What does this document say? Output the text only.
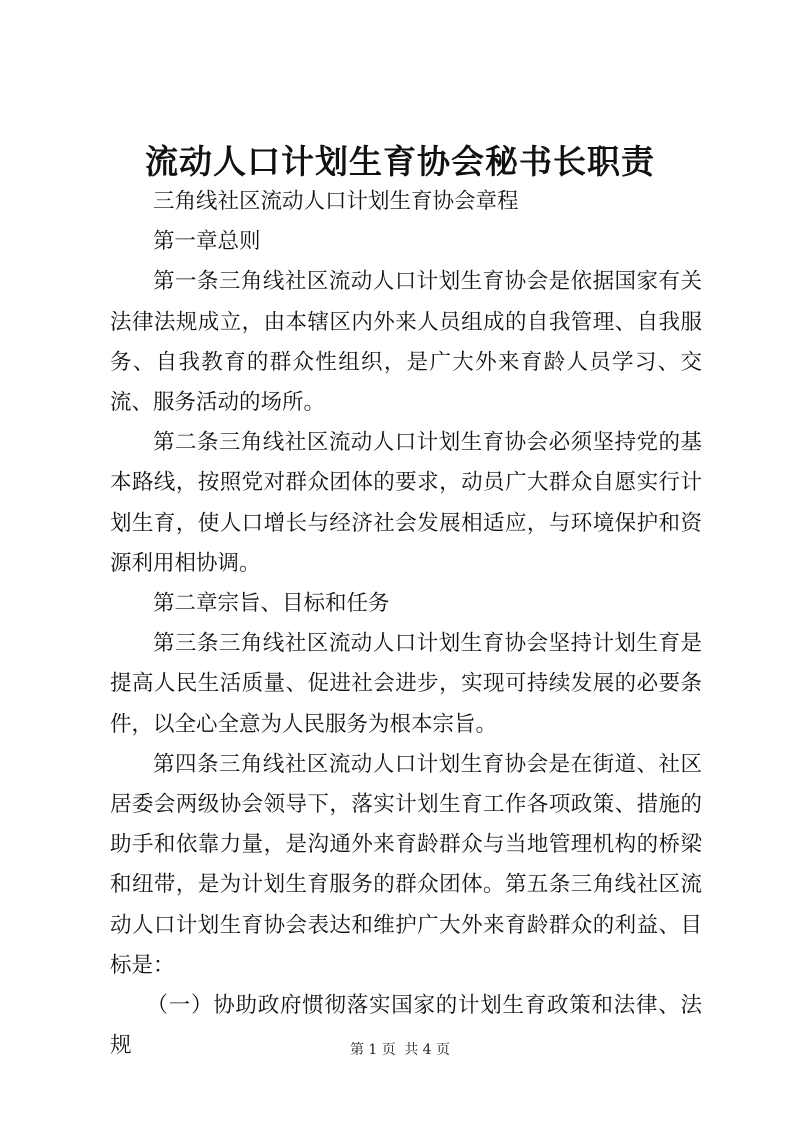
流动人口计划生育协会秘书长职责

三角线社区流动人口计划生育协会章程

第一章总则

第一条三角线社区流动人口计划生育协会是依据国家有关法律法规成立，由本辖区内外来人员组成的自我管理、自我服务、自我教育的群众性组织，是广大外来育龄人员学习、交流、服务活动的场所。

第二条三角线社区流动人口计划生育协会必须坚持党的基本路线，按照党对群众团体的要求，动员广大群众自愿实行计划生育，使人口增长与经济社会发展相适应，与环境保护和资源利用相协调。

第二章宗旨、目标和任务

第三条三角线社区流动人口计划生育协会坚持计划生育是提高人民生活质量、促进社会进步，实现可持续发展的必要条件，以全心全意为人民服务为根本宗旨。

第四条三角线社区流动人口计划生育协会是在街道、社区居委会两级协会领导下，落实计划生育工作各项政策、措施的助手和依靠力量，是沟通外来育龄群众与当地管理机构的桥梁和纽带，是为计划生育服务的群众团体。第五条三角线社区流动人口计划生育协会表达和维护广大外来育龄群众的利益、目标是：

（一）协助政府惯彻落实国家的计划生育政策和法律、法规	第 1 页 共 4 页
